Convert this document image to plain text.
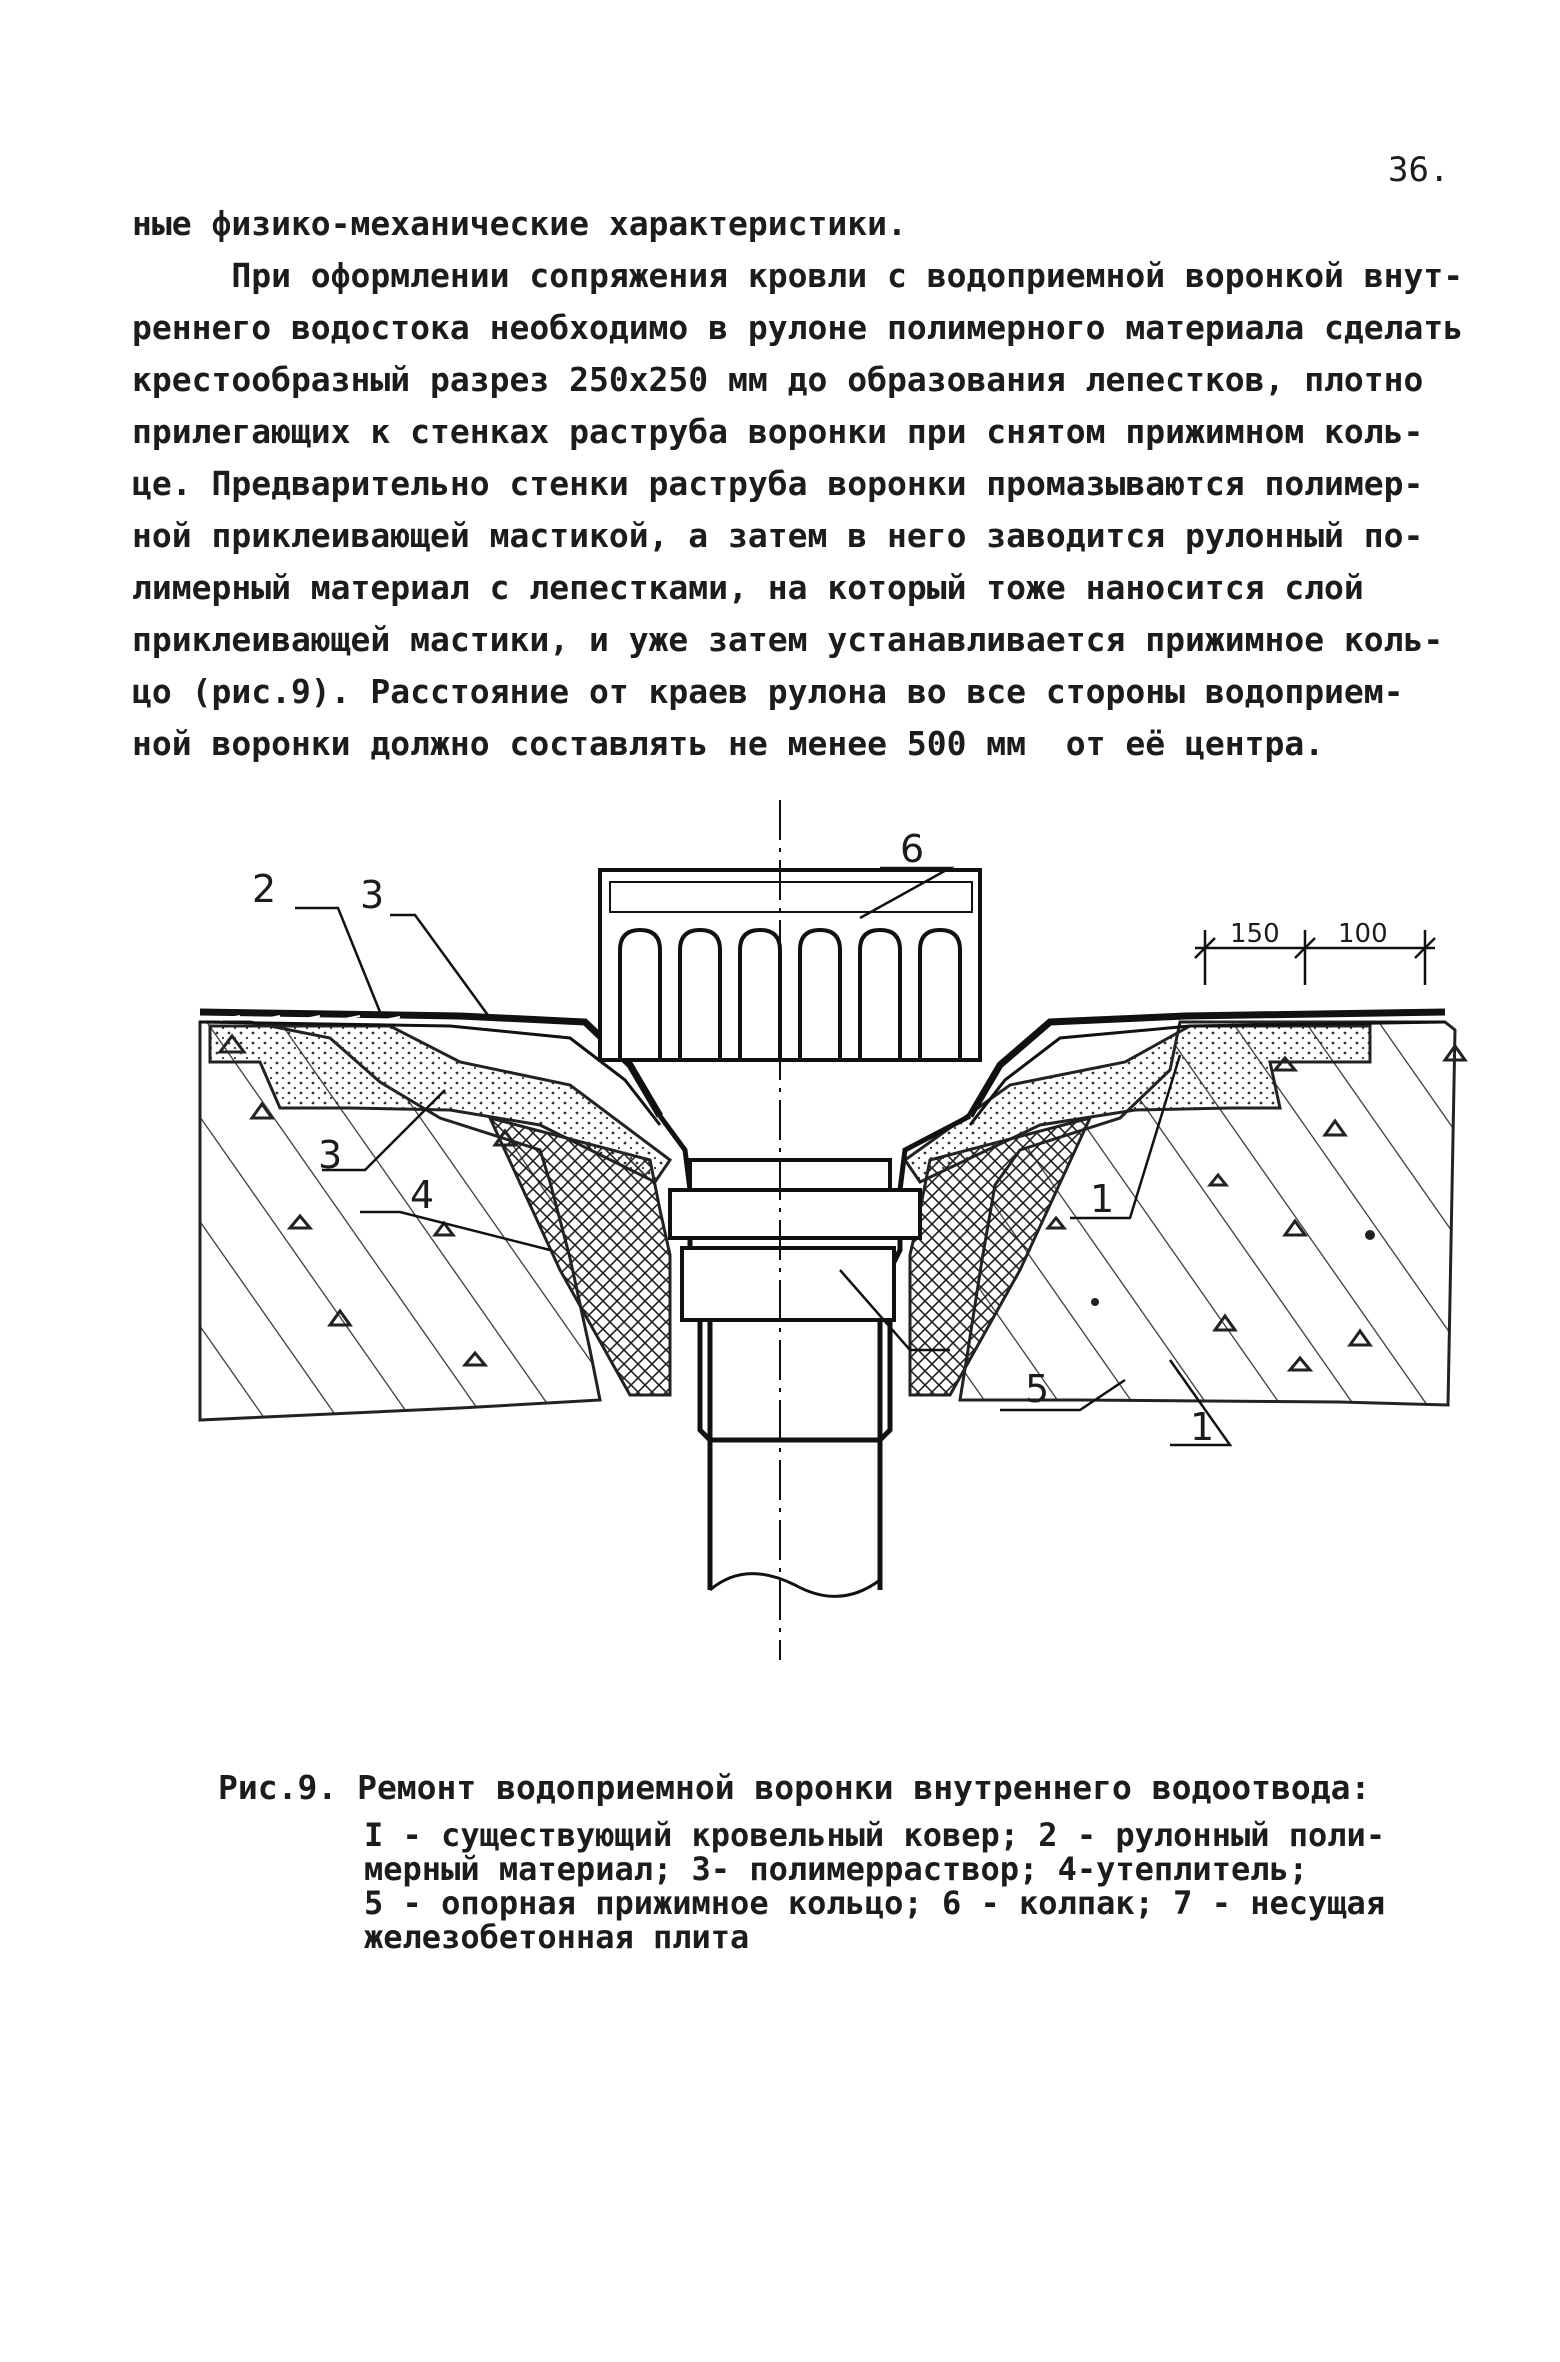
36.
ные физико-механические характеристики.
При оформлении сопряжения кровли с водоприемной воронкой внут-
реннего водостока необходимо в рулоне полимерного материала сделать
крестообразный разрез 250х250 мм до образования лепестков, плотно
прилегающих к стенках раструба воронки при снятом прижимном коль-
це. Предварительно стенки раструба воронки промазываются полимер-
ной приклеивающей мастикой, а затем в него заводится рулонный по-
лимерный материал с лепестками, на который тоже наносится слой
приклеивающей мастики, и уже затем устанавливается прижимное коль-
цо (рис.9). Расстояние от краев рулона во все стороны водоприем-
ной воронки должно составлять не менее 500 мм  от её центра.
2 3
3
4
6
1
5
1
150 100
Рис.9. Ремонт водоприемной воронки внутреннего водоотвода:
I - существующий кровельный ковер; 2 - рулонный поли-
мерный материал; 3- полимерраствор; 4-утеплитель;
5 - опорная прижимное кольцо; 6 - колпак; 7 - несущая
железобетонная плита
